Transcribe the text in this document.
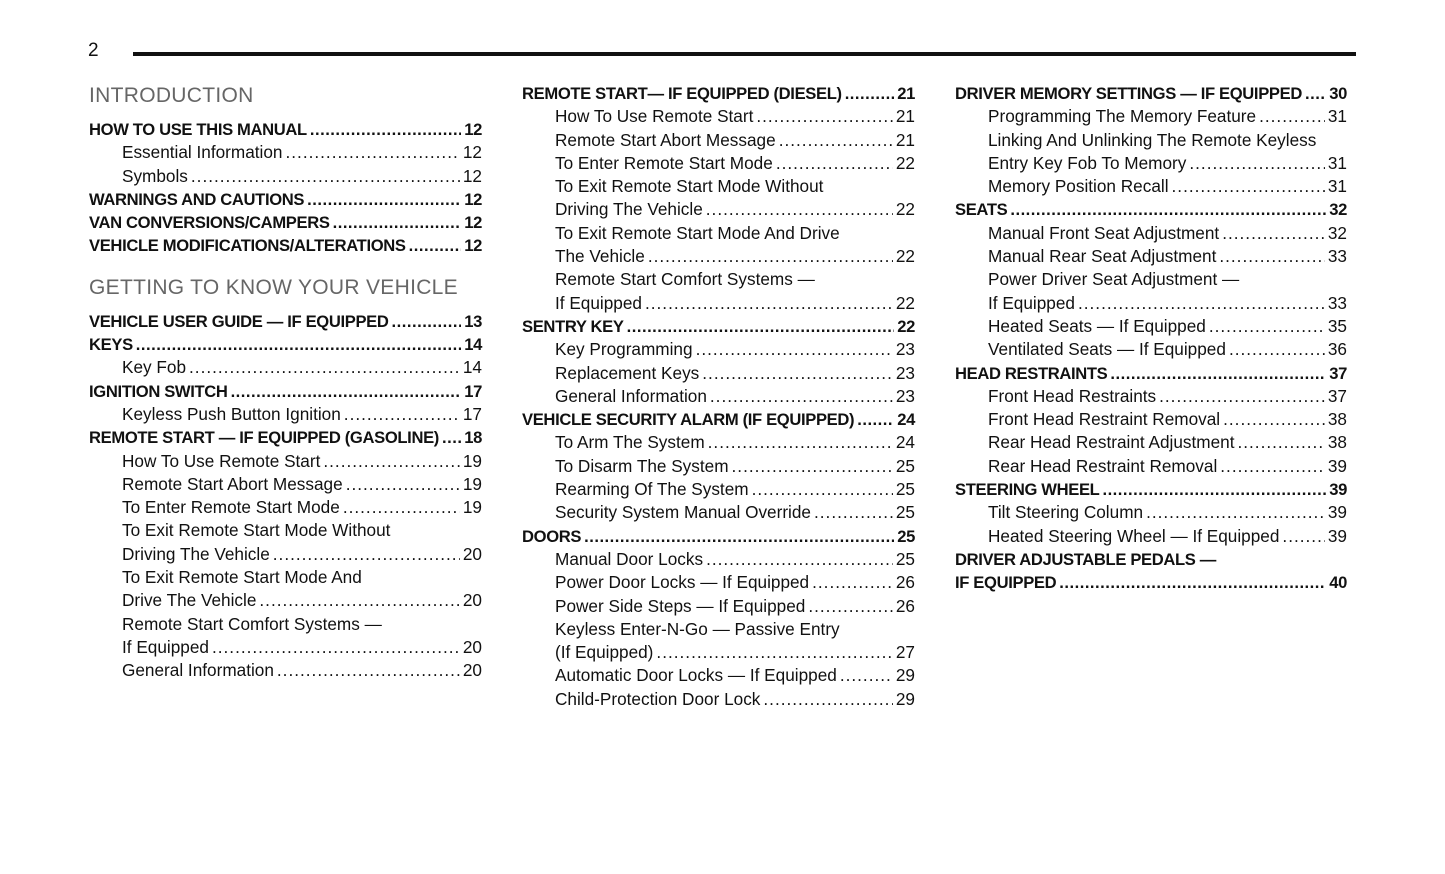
2
INTRODUCTION
HOW TO USE THIS MANUAL .....	12
Essential Information .....	12
Symbols .....	12
WARNINGS AND CAUTIONS .....	12
VAN CONVERSIONS/CAMPERS .....	12
VEHICLE MODIFICATIONS/ALTERATIONS .....	12
GETTING TO KNOW YOUR VEHICLE
VEHICLE USER GUIDE — IF EQUIPPED .....	13
KEYS .....	14
Key Fob .....	14
IGNITION SWITCH .....	17
Keyless Push Button Ignition .....	17
REMOTE START — IF EQUIPPED (GASOLINE) ..... 18
How To Use Remote Start .....	19
Remote Start Abort Message .....	19
To Enter Remote Start Mode .....	19
To Exit Remote Start Mode Without
Driving The Vehicle .....	20
To Exit Remote Start Mode And
Drive The Vehicle .....	20
Remote Start Comfort Systems —
If Equipped .....	20
General Information .....	20
REMOTE START— IF EQUIPPED (DIESEL) .....	21
How To Use Remote Start .....	21
Remote Start Abort Message .....	21
To Enter Remote Start Mode .....	22
To Exit Remote Start Mode Without
Driving The Vehicle .....	22
To Exit Remote Start Mode And Drive
The Vehicle .....	22
Remote Start Comfort Systems —
If Equipped .....	22
SENTRY KEY .....	22
Key Programming .....	23
Replacement Keys .....	23
General Information .....	23
VEHICLE SECURITY ALARM (IF EQUIPPED) .....	24
To Arm The System .....	24
To Disarm The System .....	25
Rearming Of The System .....	25
Security System Manual Override .....	25
DOORS .....	25
Manual Door Locks .....	25
Power Door Locks — If Equipped .....	26
Power Side Steps — If Equipped .....	26
Keyless Enter-N-Go — Passive Entry
(If Equipped) .....	27
Automatic Door Locks — If Equipped .....	29
Child-Protection Door Lock .....	29
DRIVER MEMORY SETTINGS — IF EQUIPPED ..... 30
Programming The Memory Feature .....	31
Linking And Unlinking The Remote Keyless
Entry Key Fob To Memory .....	31
Memory Position Recall .....	31
SEATS .....	32
Manual Front Seat Adjustment .....	32
Manual Rear Seat Adjustment .....	33
Power Driver Seat Adjustment —
If Equipped .....	33
Heated Seats — If Equipped .....	35
Ventilated Seats — If Equipped .....	36
HEAD RESTRAINTS .....	37
Front Head Restraints .....	37
Front Head Restraint Removal .....	38
Rear Head Restraint Adjustment .....	38
Rear Head Restraint Removal .....	39
STEERING WHEEL .....	39
Tilt Steering Column .....	39
Heated Steering Wheel — If Equipped .....	39
DRIVER ADJUSTABLE PEDALS —
IF EQUIPPED .....	40
